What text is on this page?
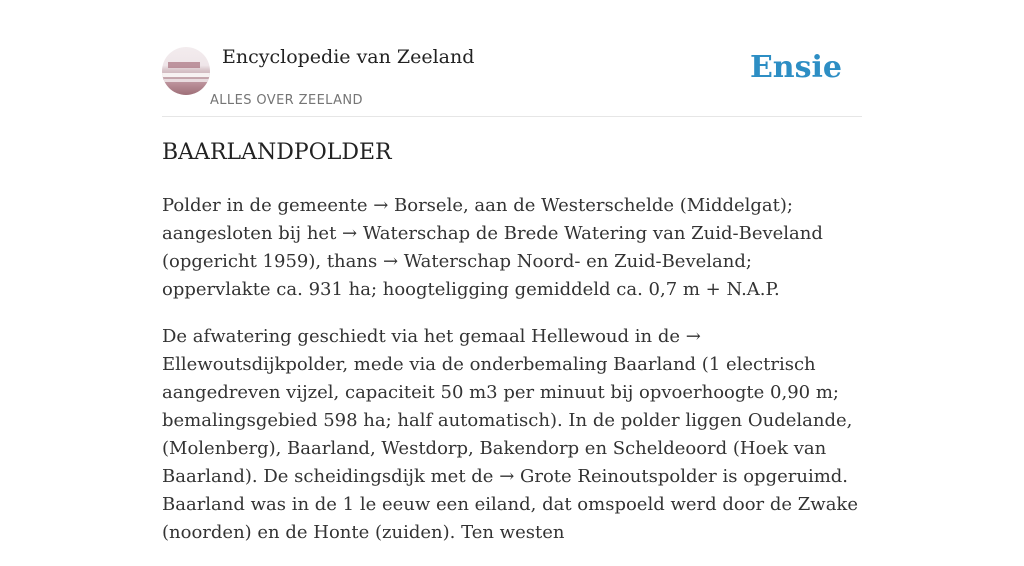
Encyclopedie van Zeeland
ALLES OVER ZEELAND
Ensie
BAARLANDPOLDER

Polder in de gemeente → Borsele, aan de Westerschelde (Middelgat); aangesloten bij het → Waterschap de Brede Watering van Zuid-Beveland (opgericht 1959), thans → Waterschap Noord- en Zuid-Beveland; oppervlakte ca. 931 ha; hoogteligging gemiddeld ca. 0,7 m + N.A.P.

De afwatering geschiedt via het gemaal Hellewoud in de → Ellewoutsdijkpolder, mede via de onderbemaling Baarland (1 electrisch aangedreven vijzel, capaciteit 50 m3 per minuut bij opvoerhoogte 0,90 m; bemalingsgebied 598 ha; half automatisch). In de polder liggen Oudelande, (Molenberg), Baarland, Westdorp, Bakendorp en Scheldeoord (Hoek van Baarland). De scheidingsdijk met de → Grote Reinoutspolder is opgeruimd. Baarland was in de 1 le eeuw een eiland, dat omspoeld werd door de Zwake (noorden) en de Honte (zuiden). Ten westen
